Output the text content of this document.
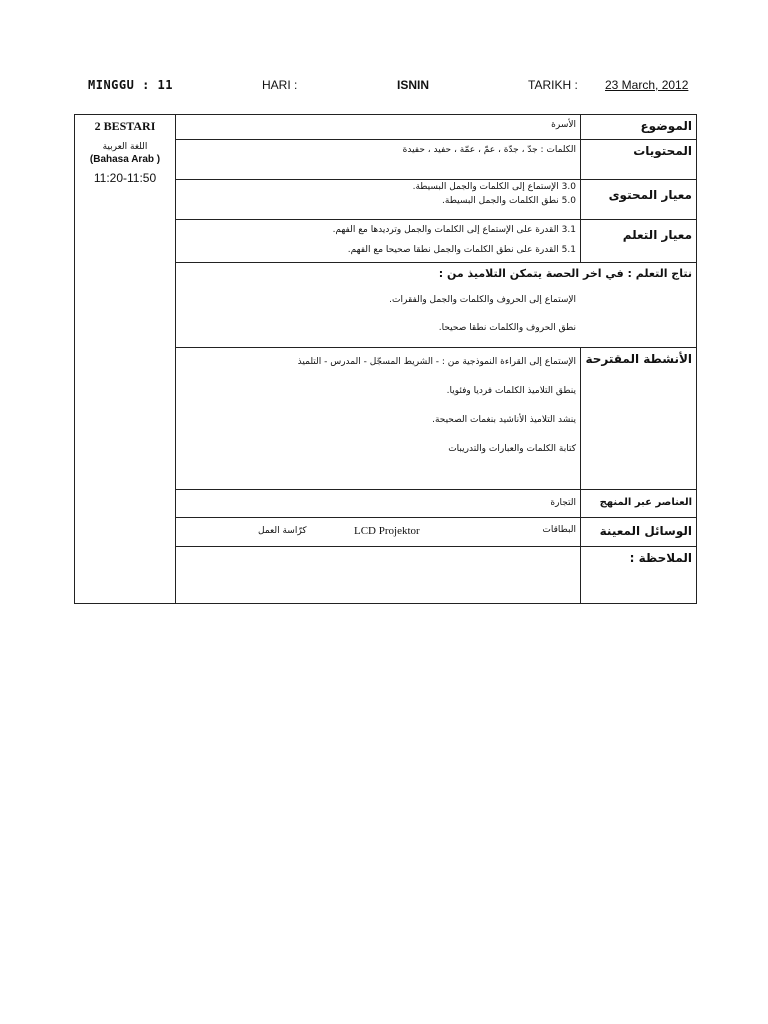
MINGGU : 11	HARI :	ISNIN	TARIKH : 23 March, 2012
2 BESTARI
اللغة العربية
(Bahasa Arab )
11:20-11:50	الأسرة	الموضوع

	الكلمات : جدّ ، جدّة ، عمّ ، عمّة ، حفيد ، حفيدة	المحتويات

	3.0 الإستماع إلى الكلمات والجمل البسيطة.
5.0 نطق الكلمات والجمل البسيطة.	معيار المحتوى

	3.1 القدرة على الإستماع إلى الكلمات والجمل وترديدها مع الفهم.
5.1 القدرة على نطق الكلمات والجمل نطقا صحيحا مع الفهم.	معيار التعلم

	نتاج التعلم : في اخر الحصة يتمكن التلاميذ من :
الإستماع إلى الحروف والكلمات والجمل والفقرات.
نطق الحروف والكلمات نطقا صحيحا.	

	الإستماع إلى القراءة النموذجية من : - الشريط المسجّل - المدرس - التلميذ
ينطق التلاميذ الكلمات فرديا وفئويا.
ينشد التلاميذ الأناشيد بنغمات الصحيحة.
كتابة الكلمات والعبارات والتدريبات	الأنشطة المقترحة

	التجارة	العناصر عبر المنهج

	البطاقات
LCD Projektor
كرّاسة العمل	الوسائل المعينة

		الملاحظة :
